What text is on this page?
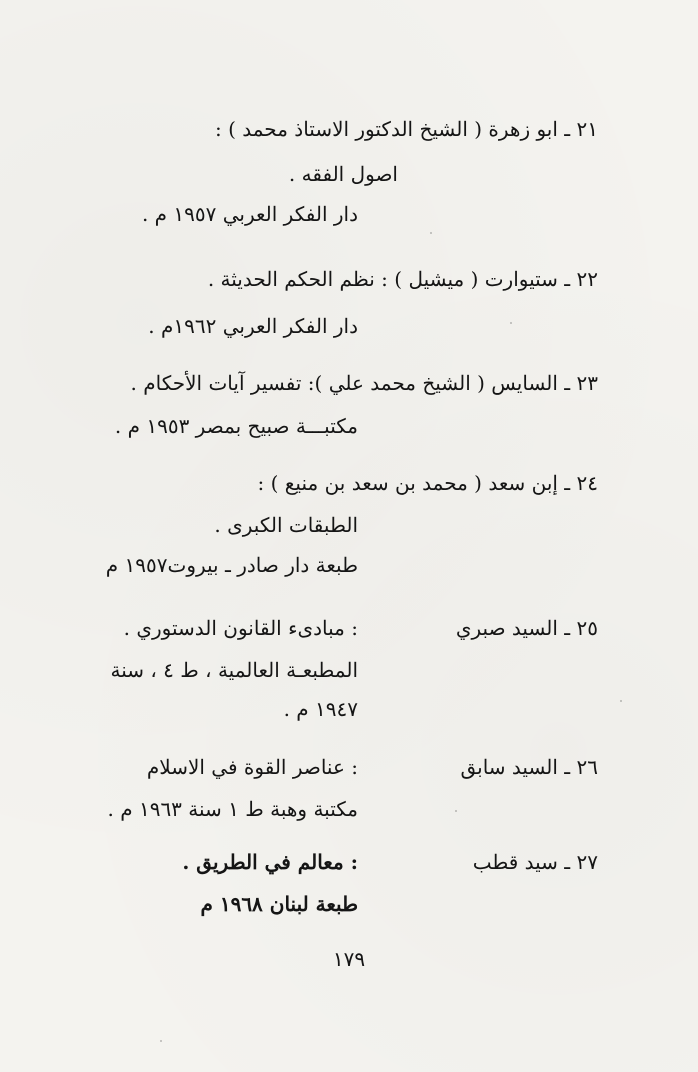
٢١ ـ ابو زهرة ( الشيخ الدكتور الاستاذ محمد ) :
اصول الفقه .
دار الفكر العربي ١٩٥٧ م .
٢٢ ـ ستيوارت ( ميشيل ) : نظم الحكم الحديثة .
دار الفكر العربي ١٩٦٢م .
٢٣ ـ السايس ( الشيخ محمد علي ): تفسير آيات الأحكام .
مكتبـــة صبيح بمصر ١٩٥٣ م .
٢٤ ـ إبن سعد ( محمد بن سعد بن منيع ) :
الطبقات الكبرى .
طبعة دار صادر ـ بيروت١٩٥٧ م
٢٥ ـ السيد صبري
: مبادىء القانون الدستوري .
المطبعـة العالمية ، ط ٤ ، سنة
١٩٤٧ م .
٢٦ ـ السيد سابق
: عناصر القوة في الاسلام
مكتبة وهبة ط ١ سنة ١٩٦٣ م .
٢٧ ـ سيد قطب
: معالم في الطريق .
طبعة لبنان ١٩٦٨ م
١٧٩
